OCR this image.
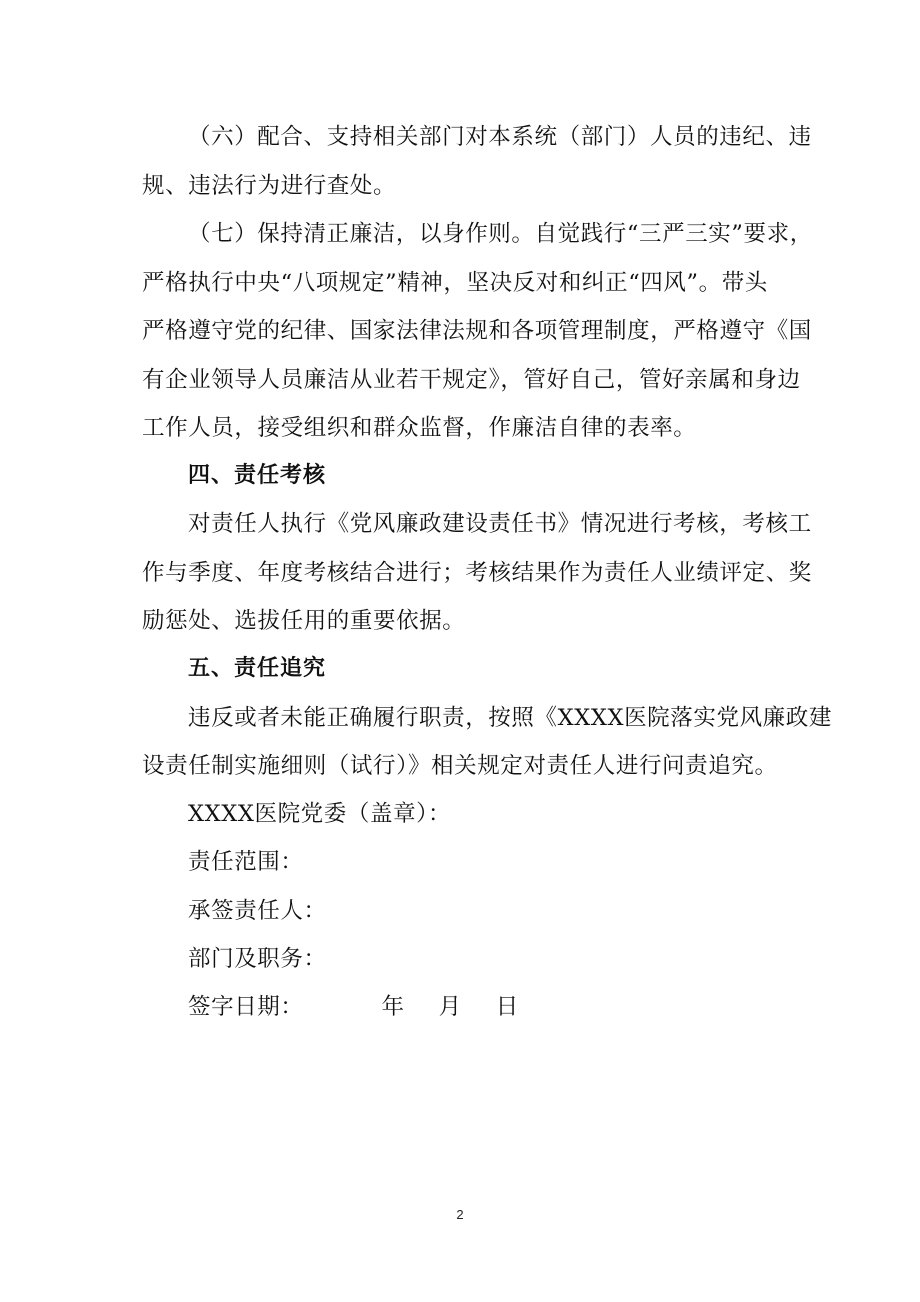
（六）配合、支持相关部门对本系统（部门）人员的违纪、违
规、违法行为进行查处。
（七）保持清正廉洁，以身作则。自觉践行“三严三实”要求，
严格执行中央“八项规定”精神，坚决反对和纠正“四风”。带头
严格遵守党的纪律、国家法律法规和各项管理制度，严格遵守《国
有企业领导人员廉洁从业若干规定》，管好自己，管好亲属和身边
工作人员，接受组织和群众监督，作廉洁自律的表率。
四、责任考核
对责任人执行《党风廉政建设责任书》情况进行考核，考核工
作与季度、年度考核结合进行；考核结果作为责任人业绩评定、奖
励惩处、选拔任用的重要依据。
五、责任追究
违反或者未能正确履行职责，按照《XXXX医院落实党风廉政建
设责任制实施细则（试行）》相关规定对责任人进行问责追究。
XXXX医院党委（盖章）：
责任范围：
承签责任人：
部门及职务：
签字日期：	年 月 日
2
